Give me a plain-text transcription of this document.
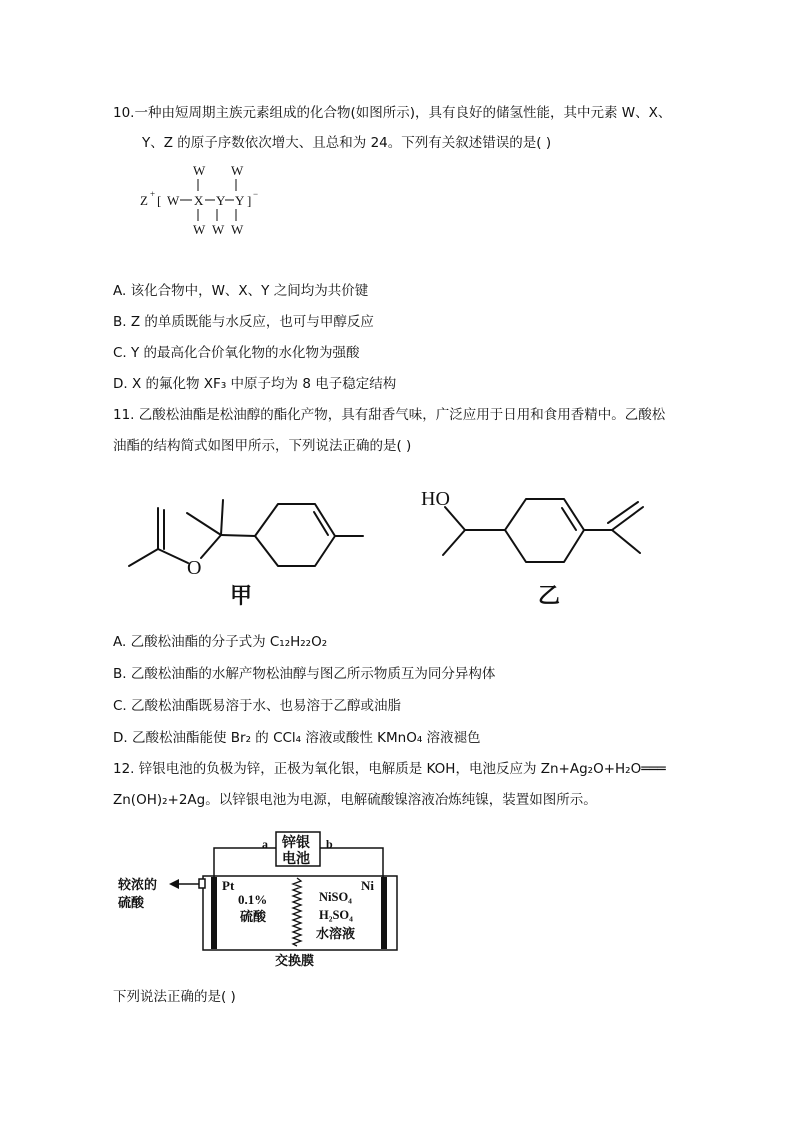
10.一种由短周期主族元素组成的化合物(如图所示)，具有良好的储氢性能，其中元素 W、X、
Y、Z 的原子序数依次增大、且总和为 24。下列有关叙述错误的是( )
W W
Z + [ W X Y Y ] −
W W W
A. 该化合物中，W、X、Y 之间均为共价键
B. Z 的单质既能与水反应，也可与甲醇反应
C. Y 的最高化合价氧化物的水化物为强酸
D. X 的氟化物 XF₃ 中原子均为 8 电子稳定结构
11. 乙酸松油酯是松油醇的酯化产物，具有甜香气味，广泛应用于日用和食用香精中。乙酸松
油酯的结构简式如图甲所示，下列说法正确的是( )
O
HO
甲	乙
A. 乙酸松油酯的分子式为 C₁₂H₂₂O₂
B. 乙酸松油酯的水解产物松油醇与图乙所示物质互为同分异构体
C. 乙酸松油酯既易溶于水、也易溶于乙醇或油脂
D. 乙酸松油酯能使 Br₂ 的 CCl₄ 溶液或酸性 KMnO₄ 溶液褪色
12. 锌银电池的负极为锌，正极为氧化银，电解质是 KOH，电池反应为 Zn+Ag₂O+H₂O═══
Zn(OH)₂+2Ag。以锌银电池为电源，电解硫酸镍溶液冶炼纯镍，装置如图所示。
a	b
锌银
电池
较浓的
硫酸
Pt	Ni
0.1%
硫酸
NiSO₄
H₂SO₄
水溶液
交换膜
下列说法正确的是( )
